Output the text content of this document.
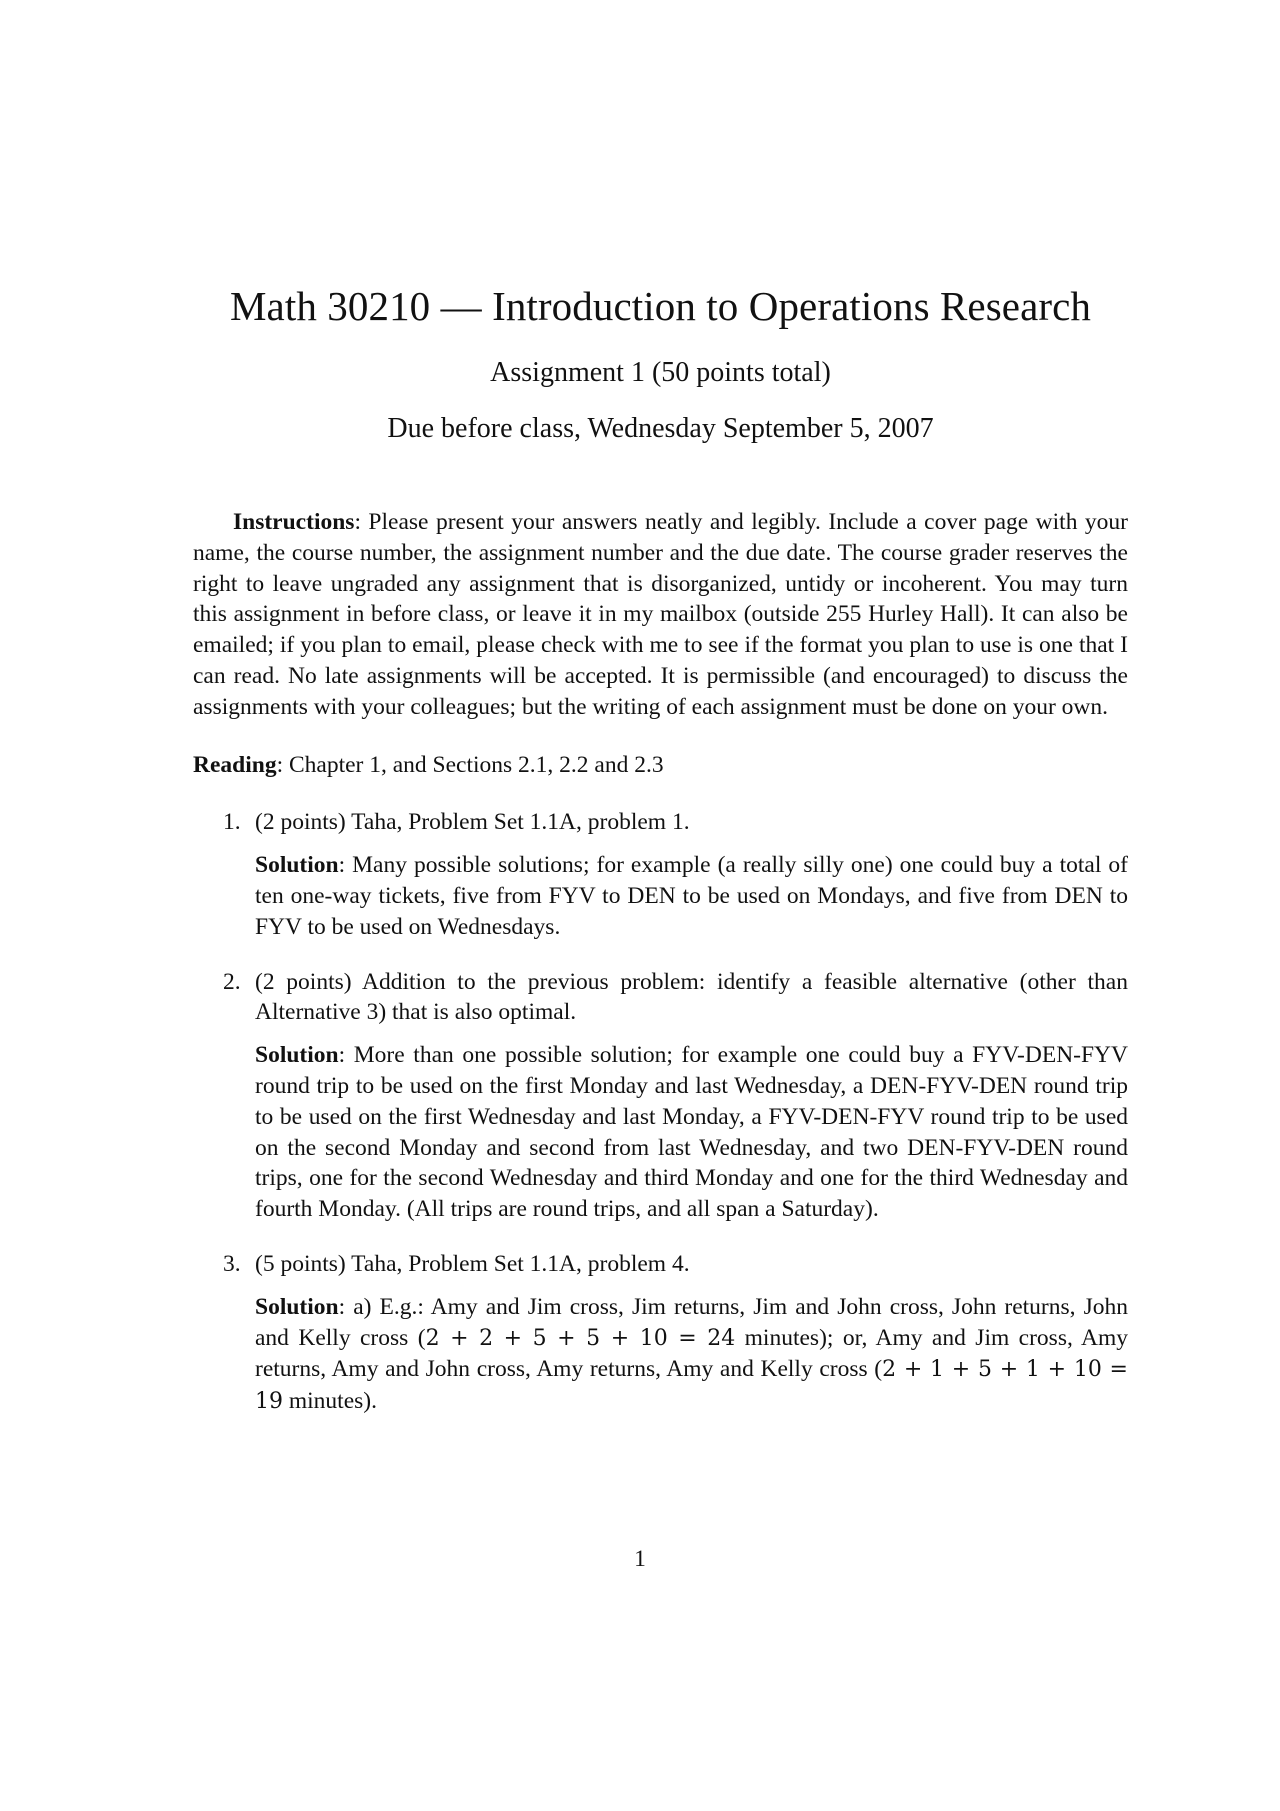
Math 30210 — Introduction to Operations Research
Assignment 1 (50 points total)
Due before class, Wednesday September 5, 2007

Instructions: Please present your answers neatly and legibly. Include a cover page with your name, the course number, the assignment number and the due date. The course grader reserves the right to leave ungraded any assignment that is disorganized, untidy or incoherent. You may turn this assignment in before class, or leave it in my mailbox (outside 255 Hurley Hall). It can also be emailed; if you plan to email, please check with me to see if the format you plan to use is one that I can read. No late assignments will be accepted. It is permissible (and encouraged) to discuss the assignments with your colleagues; but the writing of each assignment must be done on your own.

Reading: Chapter 1, and Sections 2.1, 2.2 and 2.3

1. (2 points) Taha, Problem Set 1.1A, problem 1.

Solution: Many possible solutions; for example (a really silly one) one could buy a total of ten one-way tickets, five from FYV to DEN to be used on Mondays, and five from DEN to FYV to be used on Wednesdays.

2. (2 points) Addition to the previous problem: identify a feasible alternative (other than Alternative 3) that is also optimal.

Solution: More than one possible solution; for example one could buy a FYV-DEN-FYV round trip to be used on the first Monday and last Wednesday, a DEN-FYV-DEN round trip to be used on the first Wednesday and last Monday, a FYV-DEN-FYV round trip to be used on the second Monday and second from last Wednesday, and two DEN-FYV-DEN round trips, one for the second Wednesday and third Monday and one for the third Wednesday and fourth Monday. (All trips are round trips, and all span a Saturday).

3. (5 points) Taha, Problem Set 1.1A, problem 4.

Solution: a) E.g.: Amy and Jim cross, Jim returns, Jim and John cross, John returns, John and Kelly cross (2 + 2 + 5 + 5 + 10 = 24 minutes); or, Amy and Jim cross, Amy returns, Amy and John cross, Amy returns, Amy and Kelly cross (2 + 1 + 5 + 1 + 10 = 19 minutes).

1
